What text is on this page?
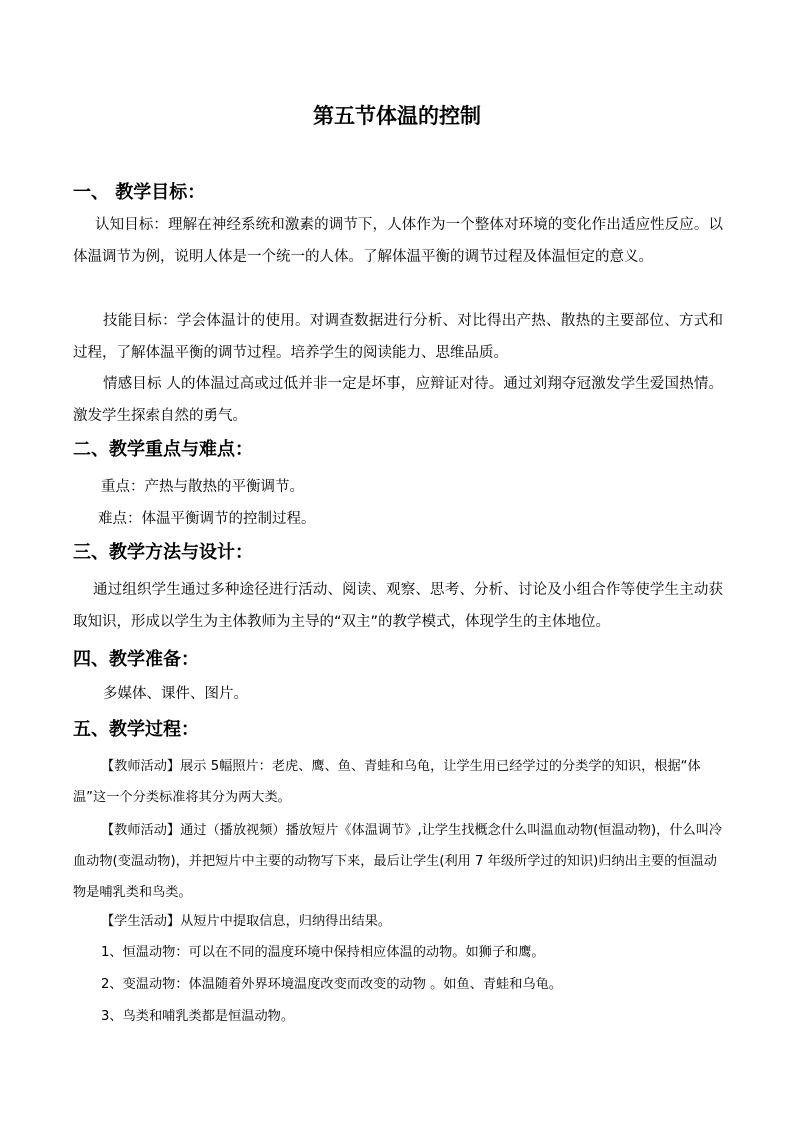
第五节体温的控制
一、 教学目标：
认知目标：理解在神经系统和激素的调节下，人体作为一个整体对环境的变化作出适应性反应。以体温调节为例，说明人体是一个统一的人体。了解体温平衡的调节过程及体温恒定的意义。
技能目标：学会体温计的使用。对调查数据进行分析、对比得出产热、散热的主要部位、方式和过程，了解体温平衡的调节过程。培养学生的阅读能力、思维品质。
情感目标 人的体温过高或过低并非一定是坏事，应辩证对待。通过刘翔夺冠激发学生爱国热情。激发学生探索自然的勇气。
二、教学重点与难点：
重点：产热与散热的平衡调节。
难点：体温平衡调节的控制过程。
三、教学方法与设计：
通过组织学生通过多种途径进行活动、阅读、观察、思考、分析、讨论及小组合作等使学生主动获取知识，形成以学生为主体教师为主导的“双主”的教学模式，体现学生的主体地位。
四、教学准备：
多媒体、课件、图片。
五、教学过程：
【教师活动】展示 5幅照片：老虎、鹰、鱼、青蛙和乌龟，让学生用已经学过的分类学的知识，根据“体温”这一个分类标准将其分为两大类。
【教师活动】通过（播放视频）播放短片《体温调节》,让学生找概念什么叫温血动物(恒温动物)，什么叫冷血动物(变温动物)，并把短片中主要的动物写下来，最后让学生(利用 7 年级所学过的知识)归纳出主要的恒温动物是哺乳类和鸟类。
【学生活动】从短片中提取信息，归纳得出结果。
1、恒温动物：可以在不同的温度环境中保持相应体温的动物。如狮子和鹰。
2、变温动物：体温随着外界环境温度改变而改变的动物 。如鱼、青蛙和乌龟。
3、鸟类和哺乳类都是恒温动物。
